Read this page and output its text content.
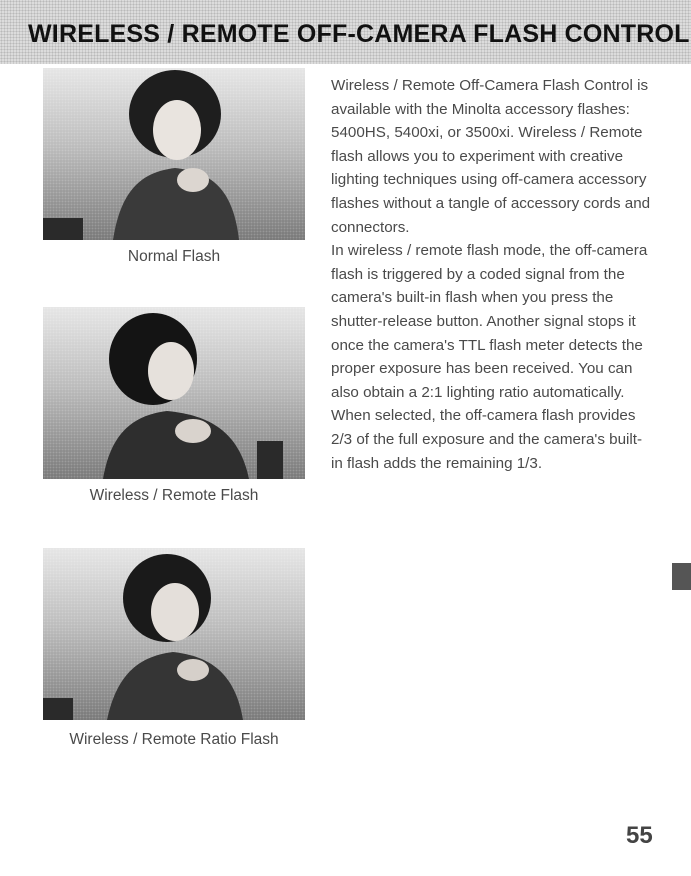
WIRELESS / REMOTE OFF-CAMERA FLASH CONTROL
Normal Flash
Wireless / Remote Flash
Wireless / Remote Ratio Flash

Wireless / Remote Off-Camera Flash Control is available with the Minolta accessory flashes: 5400HS, 5400xi, or 3500xi. Wireless / Remote flash allows you to experiment with creative lighting techniques using off-camera accessory flashes without a tangle of accessory cords and connectors.

In wireless / remote flash mode, the off-camera flash is triggered by a coded signal from the camera's built-in flash when you press the shutter-release button. Another signal stops it once the camera's TTL flash meter detects the proper exposure has been received. You can also obtain a 2:1 lighting ratio automatically. When selected, the off-camera flash provides 2/3 of the full exposure and the camera's built-in flash adds the remaining 1/3.

55
